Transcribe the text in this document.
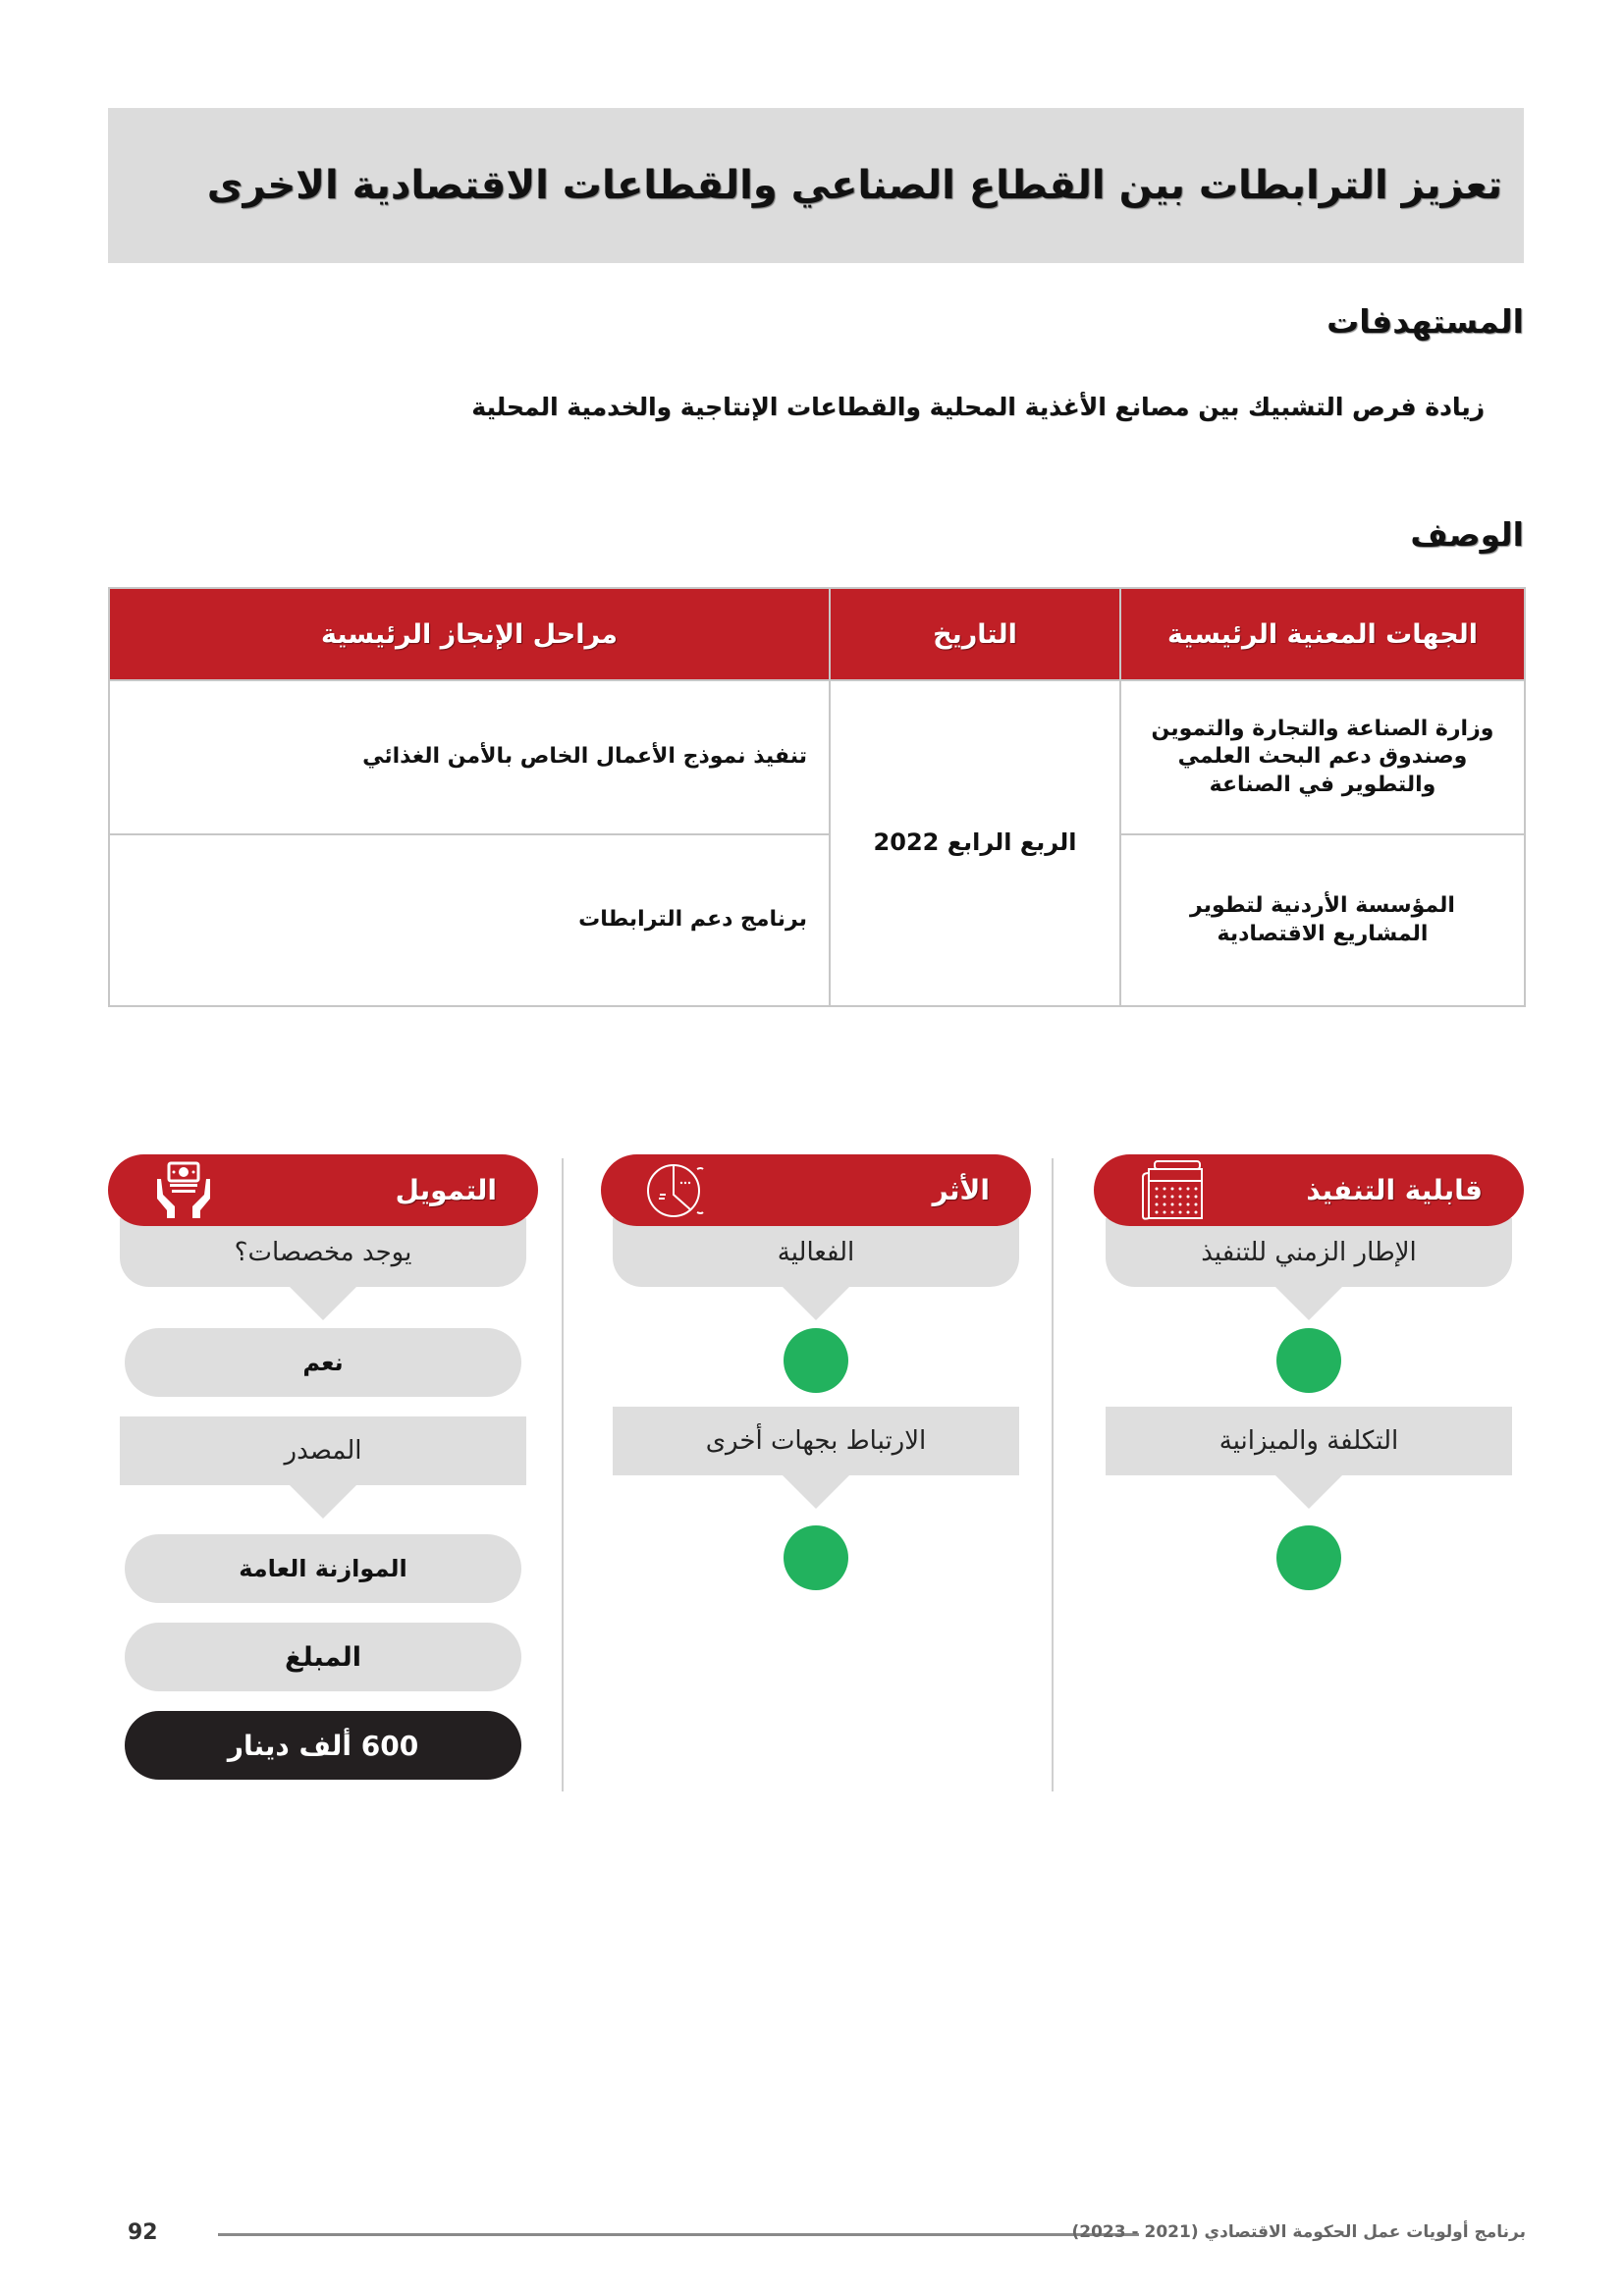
تعزيز الترابطات بين القطاع الصناعي والقطاعات الاقتصادية الاخرى
المستهدفات
زيادة فرص التشبيك بين مصانع الأغذية المحلية والقطاعات الإنتاجية والخدمية المحلية
الوصف
الجهات المعنية الرئيسية	التاريخ	مراحل الإنجاز الرئيسية
وزارة الصناعة والتجارة والتموين وصندوق دعم البحث العلمي والتطوير في الصناعة	الربع الرابع 2022	تنفيذ نموذج الأعمال الخاص بالأمن الغذائي
المؤسسة الأردنية لتطوير المشاريع الاقتصادية		برنامج دعم الترابطات
قابلية التنفيذ
الإطار الزمني للتنفيذ
التكلفة والميزانية
الأثر
الفعالية
الارتباط بجهات أخرى
التمويل
يوجد مخصصات؟
نعم
المصدر
الموازنة العامة
المبلغ
600 ألف دينار
92	برنامج أولويات عمل الحكومة الاقتصادي (2021 - 2023)
